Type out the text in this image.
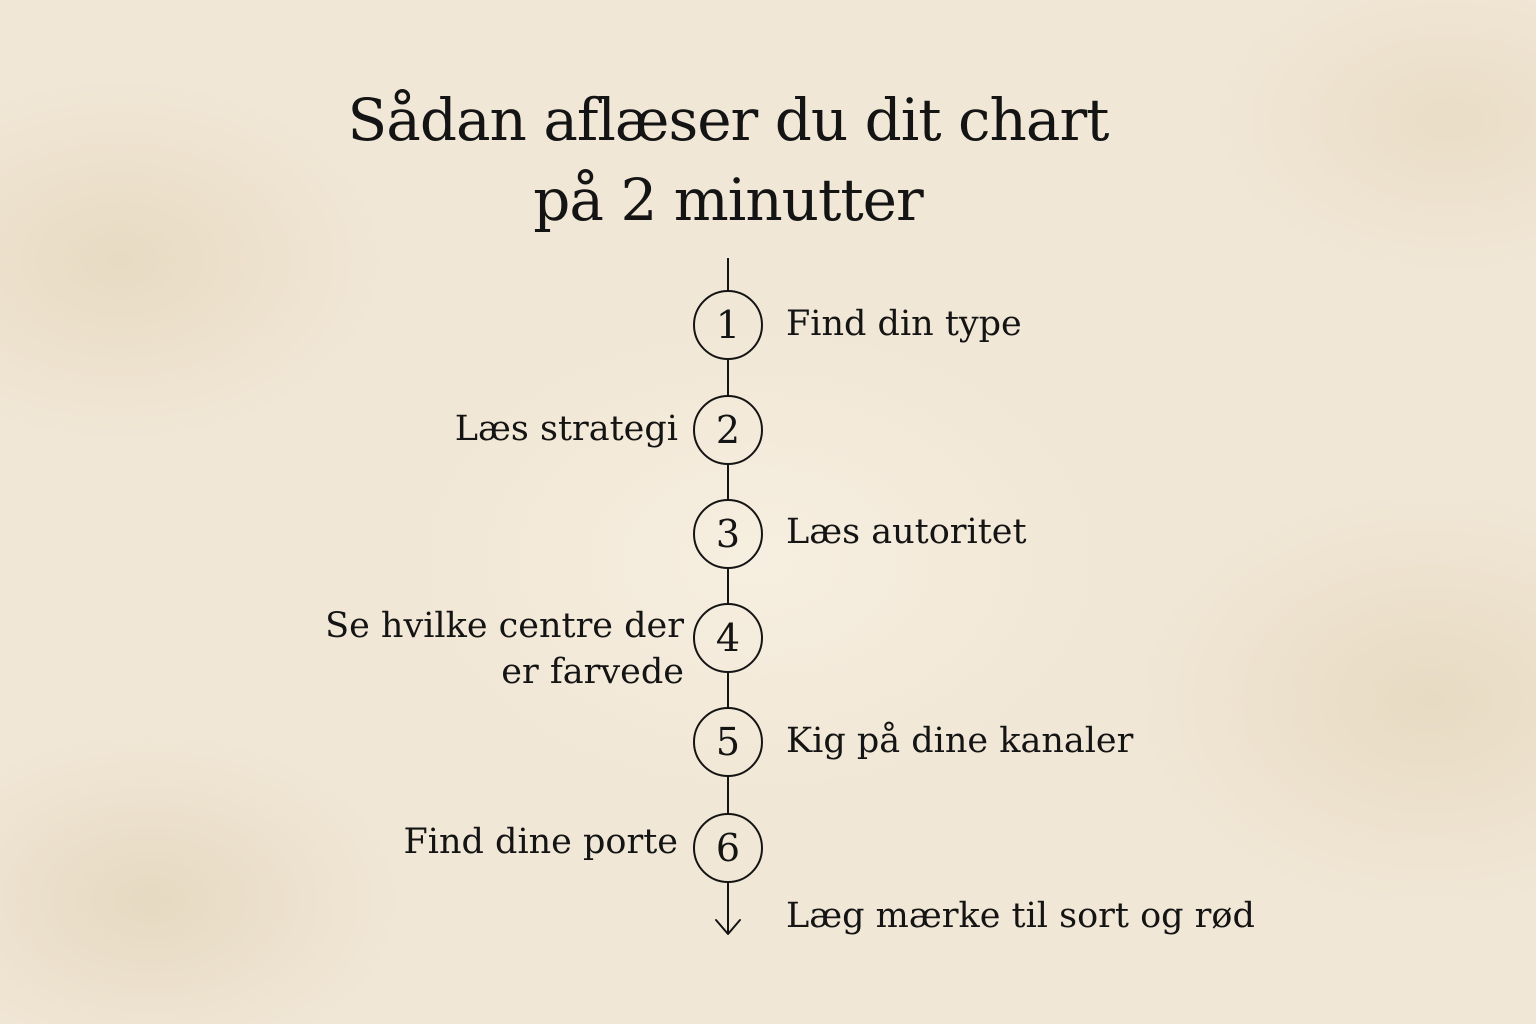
Sådan aflæser du dit chart
på 2 minutter
1
2
3
4
5
6
Find din type
Læs strategi
Læs autoritet
Se hvilke centre der
er farvede
Kig på dine kanaler
Find dine porte
Læg mærke til sort og rød
